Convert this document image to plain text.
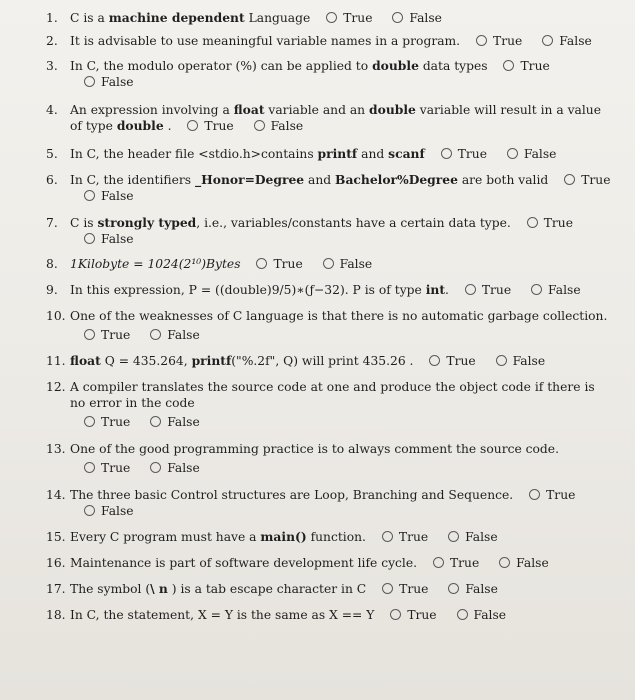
1. C is a machine dependent Language	True	False
2. It is advisable to use meaningful variable names in a program.	True	False
3. In C, the modulo operator (%) can be applied to double data types	True
False
4. An expression involving a float variable and an double variable will result in a value
of type double .	True	False
5. In C, the header file <stdio.h>contains printf and scanf	True	False
6. In C, the identifiers _Honor=Degree and Bachelor%Degree are both valid	True
False
7. C is strongly typed, i.e., variables/constants have a certain data type.	True
False
8. 1Kilobyte = 1024(2¹⁰)Bytes	True	False
9. In this expression, P = ((double)9/5)∗(ƒ−32). P is of type int.	True	False
10. One of the weaknesses of C language is that there is no automatic garbage collection.
True	False
11. float Q = 435.264, printf("%.2f", Q) will print 435.26 .	True	False
12. A compiler translates the source code at one and produce the object code if there is
no error in the code
True	False
13. One of the good programming practice is to always comment the source code.
True	False
14. The three basic Control structures are Loop, Branching and Sequence.	True
False
15. Every C program must have a main() function.	True	False
16. Maintenance is part of software development life cycle.	True	False
17. The symbol (\ n ) is a tab escape character in C	True	False
18. In C, the statement, X = Y is the same as X == Y	True	False
